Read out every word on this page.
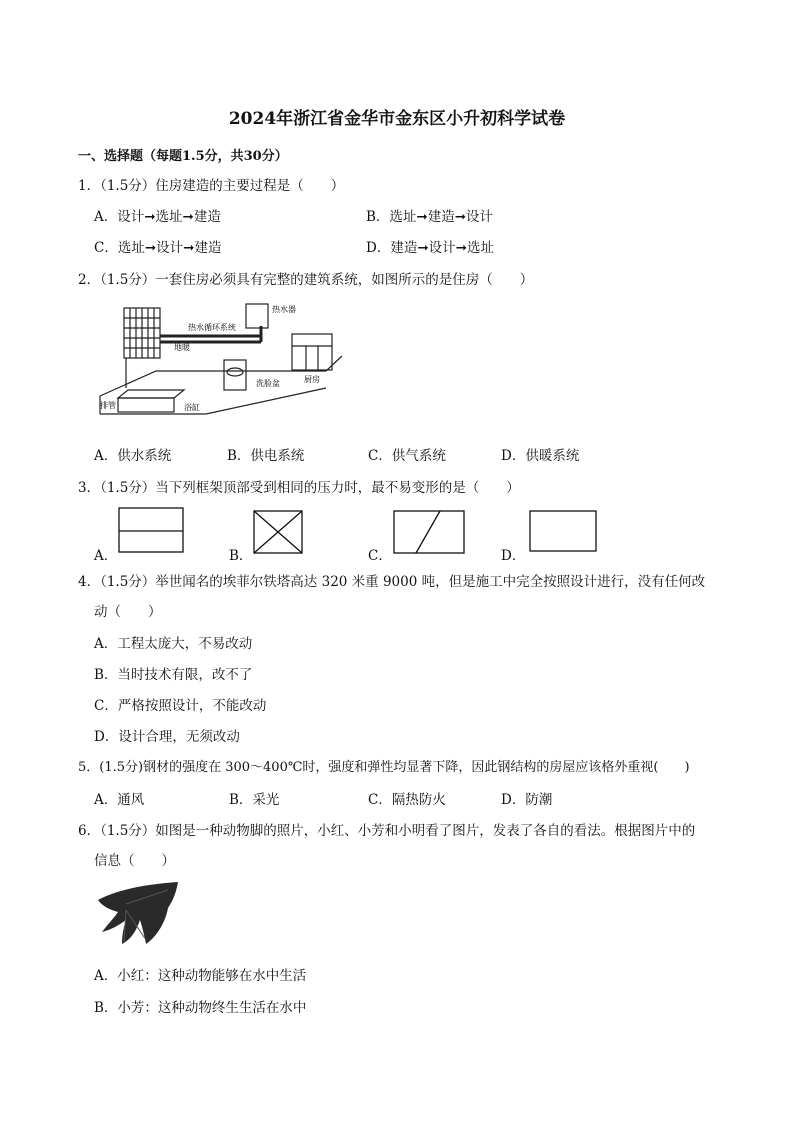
2024年浙江省金华市金东区小升初科学试卷
一、选择题（每题1.5分，共30分）
1．（1.5分）住房建造的主要过程是（　　）
A．设计➞选址➞建造	B．选址➞建造➞设计
C．选址➞设计➞建造	D．建造➞设计➞选址
2．（1.5分）一套住房必须具有完整的建筑系统，如图所示的是住房（　　）
热水器
热水循环系统
地暖
排管	浴缸
洗脸盆	厨房
A．供水系统	B．供电系统	C．供气系统	D．供暖系统
3．（1.5分）当下列框架顶部受到相同的压力时，最不易变形的是（　　）
A．	B．	C．	D．
4．（1.5分）举世闻名的埃菲尔铁塔高达 320 米重 9000 吨，但是施工中完全按照设计进行，没有任何改
动（　　）
A．工程太庞大，不易改动
B．当时技术有限，改不了
C．严格按照设计，不能改动
D．设计合理，无须改动
5．(1.5分)钢材的强度在 300～400℃时，强度和弹性均显著下降，因此钢结构的房屋应该格外重视(　　)
A．通风	B．采光	C．隔热防火	D．防潮
6．（1.5分）如图是一种动物脚的照片，小红、小芳和小明看了图片，发表了各自的看法。根据图片中的
信息（　　）
A．小红：这种动物能够在水中生活
B．小芳：这种动物终生生活在水中
